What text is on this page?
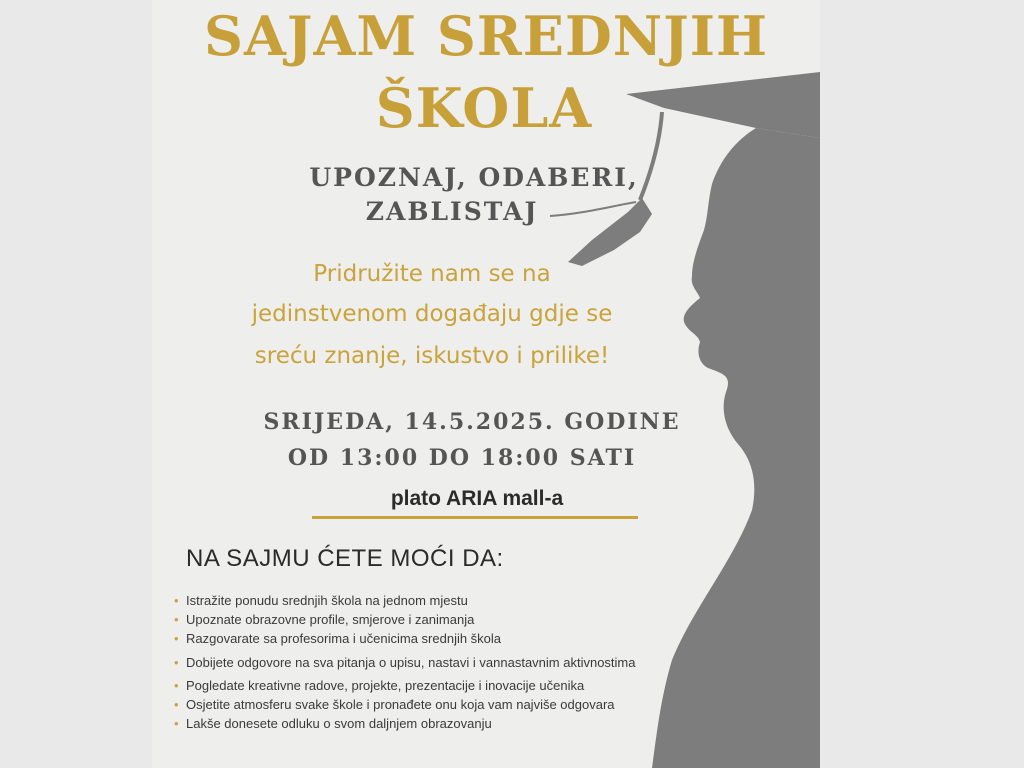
SAJAM SREDNJIH
ŠKOLA
UPOZNAJ, ODABERI,
ZABLISTAJ
Pridružite nam se na
jedinstvenom događaju gdje se
sreću znanje, iskustvo i prilike!
SRIJEDA, 14.5.2025. GODINE
OD 13:00 DO 18:00 SATI
plato ARIA mall-a
NA SAJMU ĆETE MOĆI DA:
• Istražite ponudu srednjih škola na jednom mjestu
• Upoznate obrazovne profile, smjerove i zanimanja
• Razgovarate sa profesorima i učenicima srednjih škola
• Dobijete odgovore na sva pitanja o upisu, nastavi i vannastavnim aktivnostima
• Pogledate kreativne radove, projekte, prezentacije i inovacije učenika
• Osjetite atmosferu svake škole i pronađete onu koja vam najviše odgovara
• Lakše donesete odluku o svom daljnjem obrazovanju
